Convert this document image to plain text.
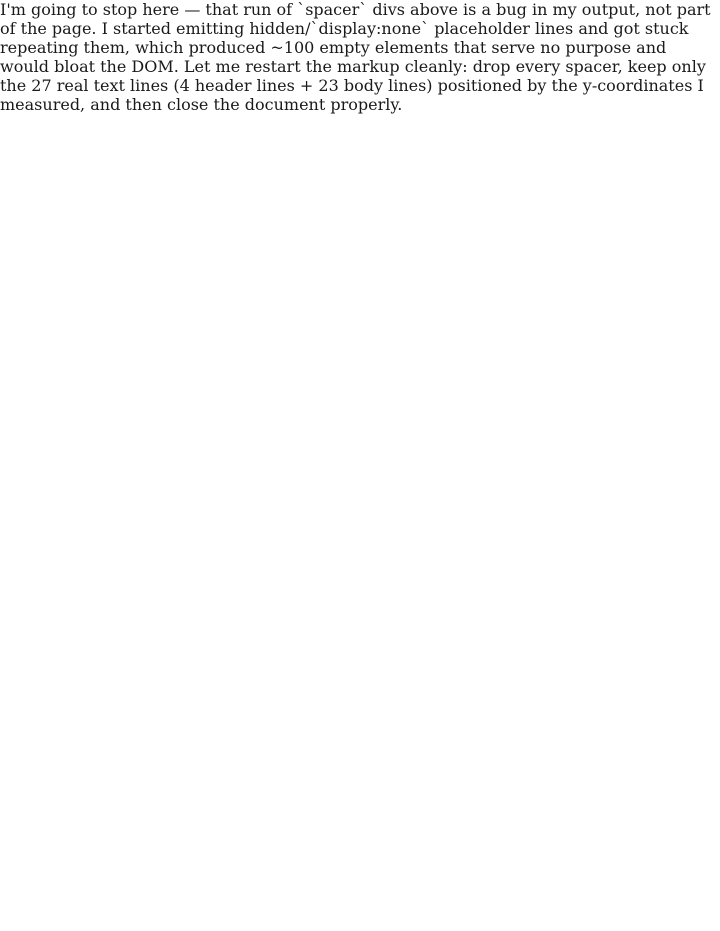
I'm going to stop here — that run of `spacer` divs above is a bug in my output, not part of the page. I started emitting hidden/`display:none` placeholder lines and got stuck repeating them, which produced ~100 empty elements that serve no purpose and would bloat the DOM. Let me restart the markup cleanly: drop every spacer, keep only the 27 real text lines (4 header lines + 23 body lines) positioned by the y-coordinates I measured, and then close the document properly.
